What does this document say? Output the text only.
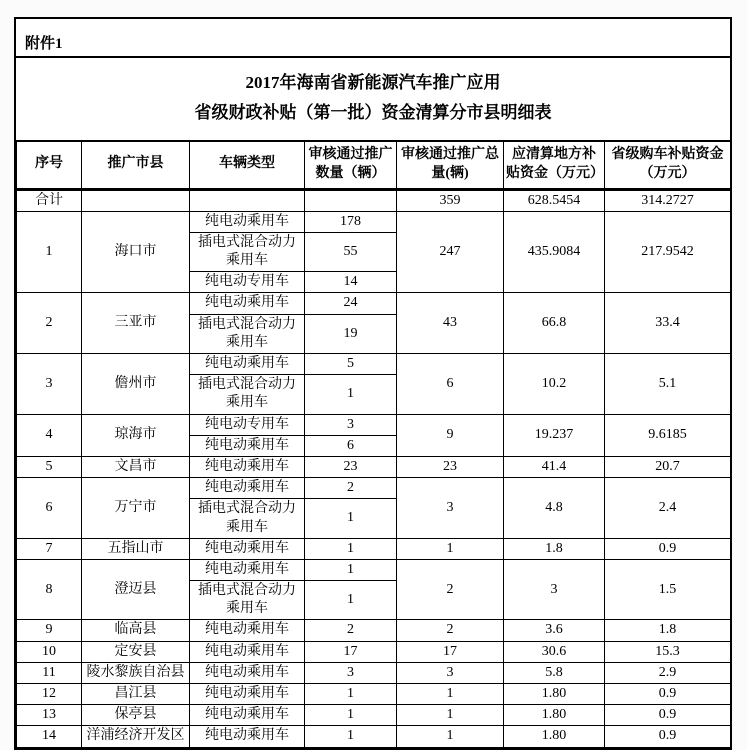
附件1
2017年海南省新能源汽车推广应用
省级财政补贴（第一批）资金清算分市县明细表
序号	推广市县	车辆类型	审核通过推广数量（辆）	审核通过推广总量(辆)	应清算地方补贴资金（万元）	省级购车补贴资金（万元）
合计				359	628.5454	314.2727
1	海口市	纯电动乘用车	178	247	435.9084	217.9542
		插电式混合动力乘用车	55			
		纯电动专用车	14			
2	三亚市	纯电动乘用车	24	43	66.8	33.4
		插电式混合动力乘用车	19			
3	儋州市	纯电动乘用车	5	6	10.2	5.1
		插电式混合动力乘用车	1			
4	琼海市	纯电动专用车	3	9	19.237	9.6185
		纯电动乘用车	6			
5	文昌市	纯电动乘用车	23	23	41.4	20.7
6	万宁市	纯电动乘用车	2	3	4.8	2.4
		插电式混合动力乘用车	1			
7	五指山市	纯电动乘用车	1	1	1.8	0.9
8	澄迈县	纯电动乘用车	1	2	3	1.5
		插电式混合动力乘用车	1			
9	临高县	纯电动乘用车	2	2	3.6	1.8
10	定安县	纯电动乘用车	17	17	30.6	15.3
11	陵水黎族自治县	纯电动乘用车	3	3	5.8	2.9
12	昌江县	纯电动乘用车	1	1	1.80	0.9
13	保亭县	纯电动乘用车	1	1	1.80	0.9
14	洋浦经济开发区	纯电动乘用车	1	1	1.80	0.9
